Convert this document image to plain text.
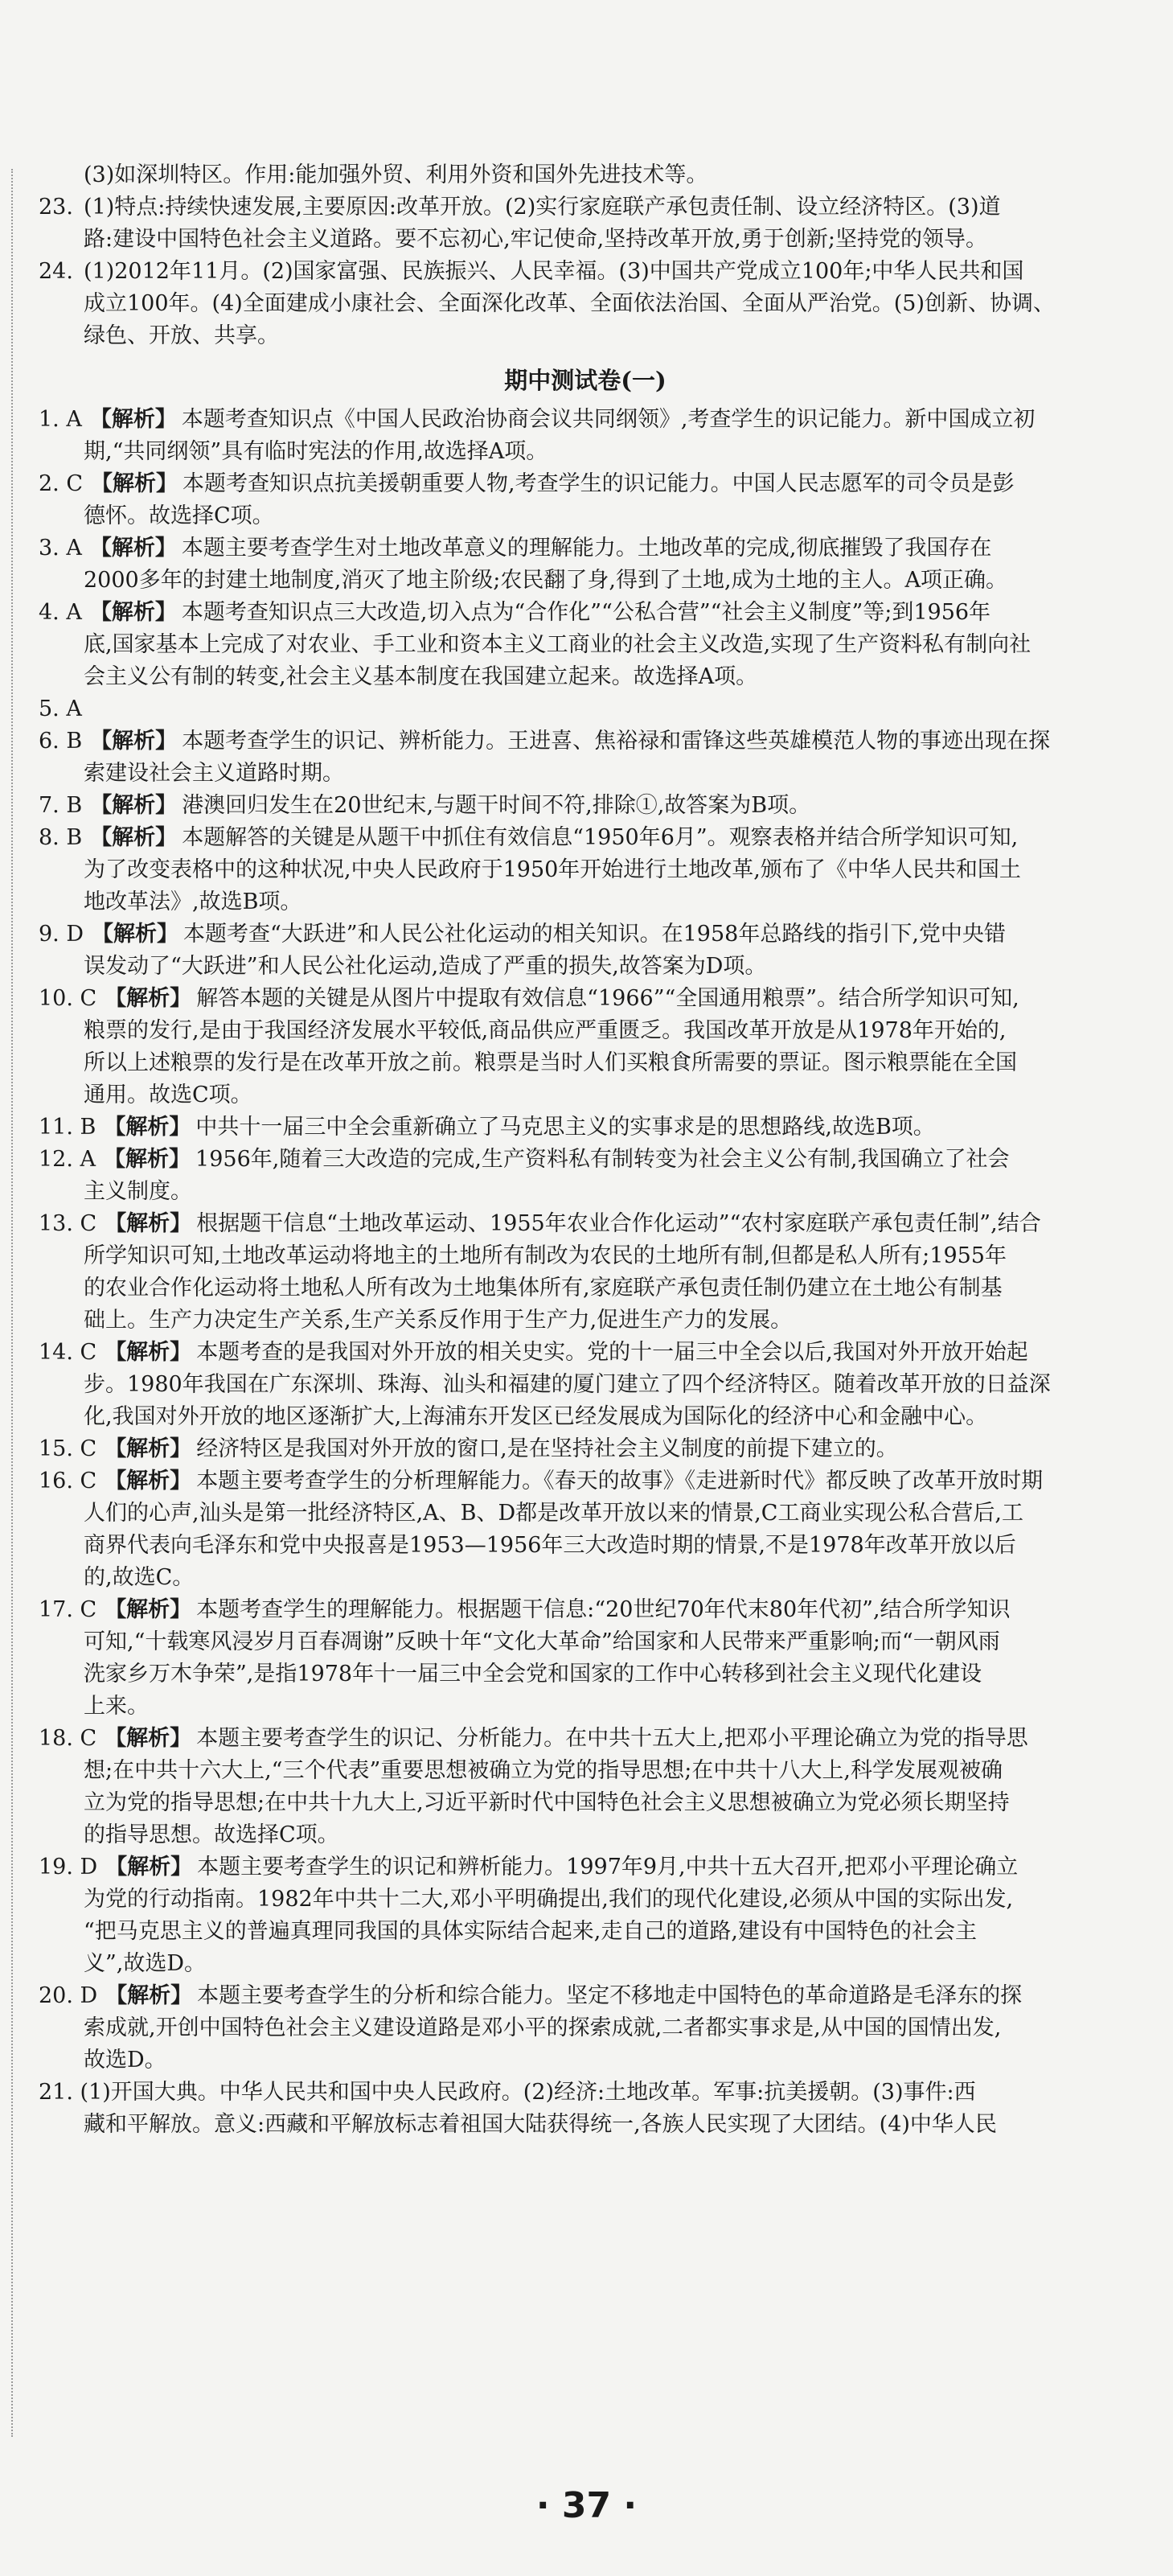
(3)如深圳特区。作用:能加强外贸、利用外资和国外先进技术等。
23. (1)特点:持续快速发展,主要原因:改革开放。(2)实行家庭联产承包责任制、设立经济特区。(3)道
路:建设中国特色社会主义道路。要不忘初心,牢记使命,坚持改革开放,勇于创新;坚持党的领导。
24. (1)2012年11月。(2)国家富强、民族振兴、人民幸福。(3)中国共产党成立100年;中华人民共和国
成立100年。(4)全面建成小康社会、全面深化改革、全面依法治国、全面从严治党。(5)创新、协调、
绿色、开放、共享。
期中测试卷(一)
1. A 【解析】 本题考查知识点《中国人民政治协商会议共同纲领》,考查学生的识记能力。新中国成立初
期,“共同纲领”具有临时宪法的作用,故选择A项。
2. C 【解析】 本题考查知识点抗美援朝重要人物,考查学生的识记能力。中国人民志愿军的司令员是彭
德怀。故选择C项。
3. A 【解析】 本题主要考查学生对土地改革意义的理解能力。土地改革的完成,彻底摧毁了我国存在
2000多年的封建土地制度,消灭了地主阶级;农民翻了身,得到了土地,成为土地的主人。A项正确。
4. A 【解析】 本题考查知识点三大改造,切入点为“合作化”“公私合营”“社会主义制度”等;到1956年
底,国家基本上完成了对农业、手工业和资本主义工商业的社会主义改造,实现了生产资料私有制向社
会主义公有制的转变,社会主义基本制度在我国建立起来。故选择A项。
5. A
6. B 【解析】 本题考查学生的识记、辨析能力。王进喜、焦裕禄和雷锋这些英雄模范人物的事迹出现在探
索建设社会主义道路时期。
7. B 【解析】 港澳回归发生在20世纪末,与题干时间不符,排除①,故答案为B项。
8. B 【解析】 本题解答的关键是从题干中抓住有效信息“1950年6月”。观察表格并结合所学知识可知,
为了改变表格中的这种状况,中央人民政府于1950年开始进行土地改革,颁布了《中华人民共和国土
地改革法》,故选B项。
9. D 【解析】 本题考查“大跃进”和人民公社化运动的相关知识。在1958年总路线的指引下,党中央错
误发动了“大跃进”和人民公社化运动,造成了严重的损失,故答案为D项。
10. C 【解析】 解答本题的关键是从图片中提取有效信息“1966”“全国通用粮票”。结合所学知识可知,
粮票的发行,是由于我国经济发展水平较低,商品供应严重匮乏。我国改革开放是从1978年开始的,
所以上述粮票的发行是在改革开放之前。粮票是当时人们买粮食所需要的票证。图示粮票能在全国
通用。故选C项。
11. B 【解析】 中共十一届三中全会重新确立了马克思主义的实事求是的思想路线,故选B项。
12. A 【解析】 1956年,随着三大改造的完成,生产资料私有制转变为社会主义公有制,我国确立了社会
主义制度。
13. C 【解析】 根据题干信息“土地改革运动、1955年农业合作化运动”“农村家庭联产承包责任制”,结合
所学知识可知,土地改革运动将地主的土地所有制改为农民的土地所有制,但都是私人所有;1955年
的农业合作化运动将土地私人所有改为土地集体所有,家庭联产承包责任制仍建立在土地公有制基
础上。生产力决定生产关系,生产关系反作用于生产力,促进生产力的发展。
14. C 【解析】 本题考查的是我国对外开放的相关史实。党的十一届三中全会以后,我国对外开放开始起
步。1980年我国在广东深圳、珠海、汕头和福建的厦门建立了四个经济特区。随着改革开放的日益深
化,我国对外开放的地区逐渐扩大,上海浦东开发区已经发展成为国际化的经济中心和金融中心。
15. C 【解析】 经济特区是我国对外开放的窗口,是在坚持社会主义制度的前提下建立的。
16. C 【解析】 本题主要考查学生的分析理解能力。《春天的故事》《走进新时代》都反映了改革开放时期
人们的心声,汕头是第一批经济特区,A、B、D都是改革开放以来的情景,C工商业实现公私合营后,工
商界代表向毛泽东和党中央报喜是1953—1956年三大改造时期的情景,不是1978年改革开放以后
的,故选C。
17. C 【解析】 本题考查学生的理解能力。根据题干信息:“20世纪70年代末80年代初”,结合所学知识
可知,“十载寒风浸岁月百春凋谢”反映十年“文化大革命”给国家和人民带来严重影响;而“一朝风雨
洗家乡万木争荣”,是指1978年十一届三中全会党和国家的工作中心转移到社会主义现代化建设
上来。
18. C 【解析】 本题主要考查学生的识记、分析能力。在中共十五大上,把邓小平理论确立为党的指导思
想;在中共十六大上,“三个代表”重要思想被确立为党的指导思想;在中共十八大上,科学发展观被确
立为党的指导思想;在中共十九大上,习近平新时代中国特色社会主义思想被确立为党必须长期坚持
的指导思想。故选择C项。
19. D 【解析】 本题主要考查学生的识记和辨析能力。1997年9月,中共十五大召开,把邓小平理论确立
为党的行动指南。1982年中共十二大,邓小平明确提出,我们的现代化建设,必须从中国的实际出发,
“把马克思主义的普遍真理同我国的具体实际结合起来,走自己的道路,建设有中国特色的社会主
义”,故选D。
20. D 【解析】 本题主要考查学生的分析和综合能力。坚定不移地走中国特色的革命道路是毛泽东的探
索成就,开创中国特色社会主义建设道路是邓小平的探索成就,二者都实事求是,从中国的国情出发,
故选D。
21. (1)开国大典。中华人民共和国中央人民政府。(2)经济:土地改革。军事:抗美援朝。(3)事件:西
藏和平解放。意义:西藏和平解放标志着祖国大陆获得统一,各族人民实现了大团结。(4)中华人民
· 37 ·
